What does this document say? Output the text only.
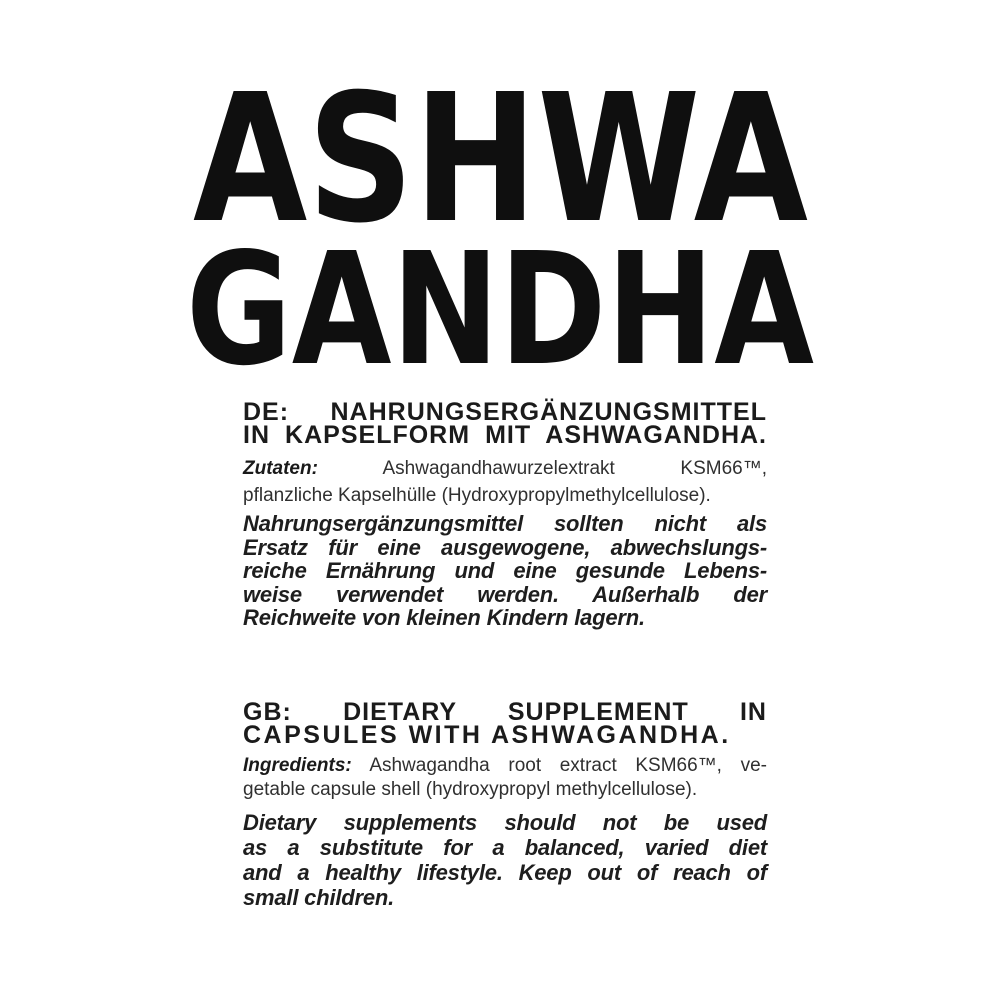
ASHWA
GANDHA
DE: NAHRUNGSERGÄNZUNGSMITTEL
IN KAPSELFORM MIT ASHWAGANDHA.
Zutaten:	Ashwagandhawurzelextrakt KSM66™,
pflanzliche Kapselhülle (Hydroxypropylmethylcellulose).
Nahrungsergänzungsmittel sollten nicht als
Ersatz für eine ausgewogene, abwechslungs-
reiche Ernährung und eine gesunde Lebens-
weise verwendet werden. Außerhalb der
Reichweite von kleinen Kindern lagern.
GB: DIETARY SUPPLEMENT IN
CAPSULES WITH ASHWAGANDHA.
Ingredients: Ashwagandha root extract KSM66™, ve-
getable capsule shell (hydroxypropyl methylcellulose).
Dietary supplements should not be used
as a substitute for a balanced, varied diet
and a healthy lifestyle. Keep out of reach of
small children.
